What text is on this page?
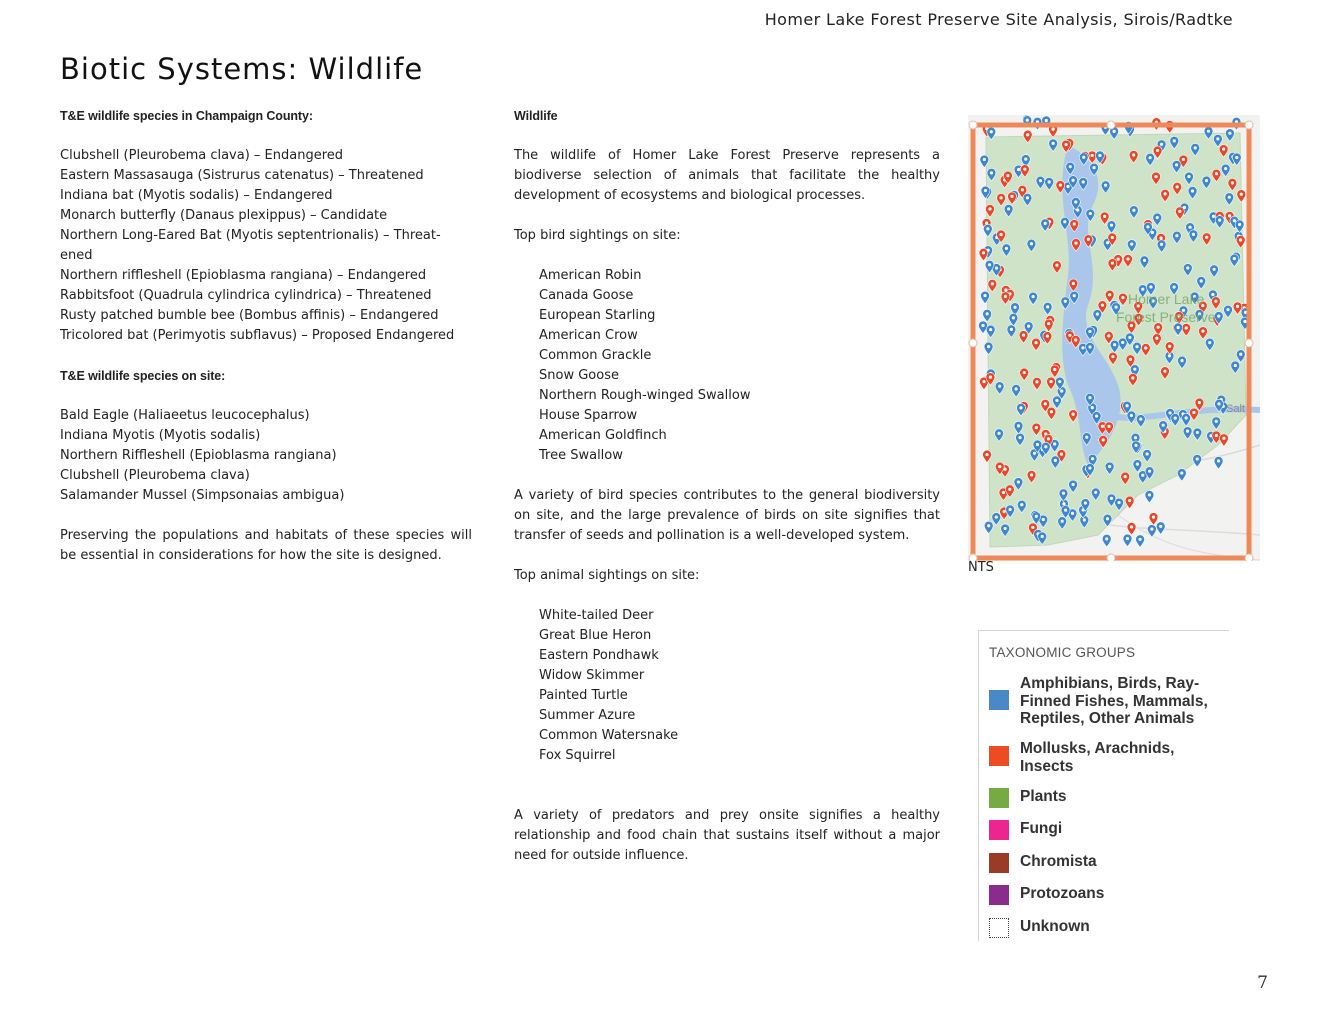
Homer Lake Forest Preserve Site Analysis, Sirois/Radtke
Biotic Systems: Wildlife
T&E wildlife species in Champaign County:
Clubshell (Pleurobema clava) – Endangered
Eastern Massasauga (Sistrurus catenatus) – Threatened
Indiana bat (Myotis sodalis) – Endangered
Monarch butterfly (Danaus plexippus) – Candidate
Northern Long-Eared Bat (Myotis septentrionalis) – Threat-
ened
Northern riffleshell (Epioblasma rangiana) – Endangered
Rabbitsfoot (Quadrula cylindrica cylindrica) – Threatened
Rusty patched bumble bee (Bombus affinis) – Endangered
Tricolored bat (Perimyotis subflavus) – Proposed Endangered
T&E wildlife species on site:
Bald Eagle (Haliaeetus leucocephalus)
Indiana Myotis (Myotis sodalis)
Northern Riffleshell (Epioblasma rangiana)
Clubshell (Pleurobema clava)
Salamander Mussel (Simpsonaias ambigua)

Preserving the populations and habitats of these species will be essential in considerations for how the site is designed.

Wildlife

The wildlife of Homer Lake Forest Preserve represents a biodiverse selection of animals that facilitate the healthy development of ecosystems and biological processes.

Top bird sightings on site:
American Robin
Canada Goose
European Starling
American Crow
Common Grackle
Snow Goose
Northern Rough-winged Swallow
House Sparrow
American Goldfinch
Tree Swallow

A variety of bird species contributes to the general biodiversity on site, and the large prevalence of birds on site signifies that transfer of seeds and pollination is a well-developed system.

Top animal sightings on site:
White-tailed Deer
Great Blue Heron
Eastern Pondhawk
Widow Skimmer
Painted Turtle
Summer Azure
Common Watersnake
Fox Squirrel

A variety of predators and prey onsite signifies a healthy relationship and food chain that sustains itself without a major need for outside influence.

Homer Lake
Forest Preserve
Salt
NTS
TAXONOMIC GROUPS
Amphibians, Birds, Ray-Finned Fishes, Mammals, Reptiles, Other Animals
Mollusks, Arachnids, Insects
Plants
Fungi
Chromista
Protozoans
Unknown
7
